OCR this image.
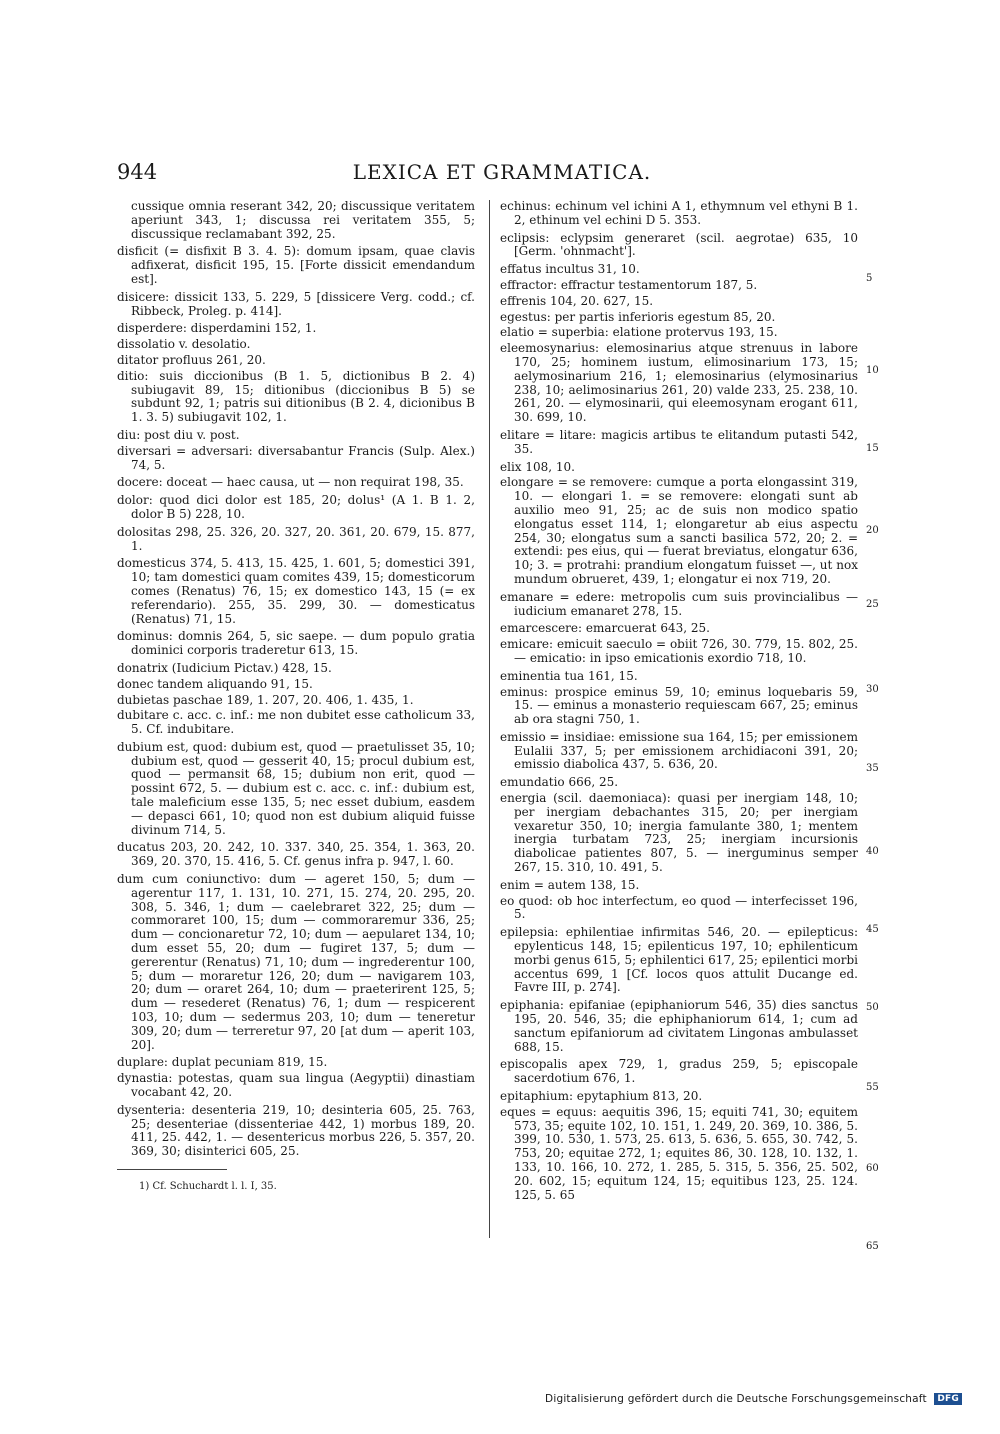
944	LEXICA ET GRAMMATICA.

cussique omnia reserant 342, 20; discussique veritatem aperiunt 343, 1; discussa rei veritatem 355, 5; discussique reclamabant 392, 25.

disficit (= disfixit B 3. 4. 5): domum ipsam, quae clavis adfixerat, disficit 195, 15. [Forte dissicit emendandum est].

disicere: dissicit 133, 5. 229, 5 [dissicere Verg. codd.; cf. Ribbeck, Proleg. p. 414].

disperdere: disperdamini 152, 1.

dissolatio v. desolatio.

ditator profluus 261, 20.

ditio: suis diccionibus (B 1. 5, dictionibus B 2. 4) subiugavit 89, 15; ditionibus (diccionibus B 5) se subdunt 92, 1; patris sui ditionibus (B 2. 4, dicionibus B 1. 3. 5) subiugavit 102, 1.

diu: post diu v. post.

diversari = adversari: diversabantur Francis (Sulp. Alex.) 74, 5.

docere: doceat — haec causa, ut — non requirat 198, 35.

dolor: quod dici dolor est 185, 20; dolus¹ (A 1. B 1. 2, dolor B 5) 228, 10.

dolositas 298, 25. 326, 20. 327, 20. 361, 20. 679, 15. 877, 1.

domesticus 374, 5. 413, 15. 425, 1. 601, 5; domestici 391, 10; tam domestici quam comites 439, 15; domesticorum comes (Renatus) 76, 15; ex domestico 143, 15 (= ex referendario). 255, 35. 299, 30. — domesticatus (Renatus) 71, 15.

dominus: domnis 264, 5, sic saepe. — dum populo gratia dominici corporis traderetur 613, 15.

donatrix (Iudicium Pictav.) 428, 15.

donec tandem aliquando 91, 15.

dubietas paschae 189, 1. 207, 20. 406, 1. 435, 1.

dubitare c. acc. c. inf.: me non dubitet esse catholicum 33, 5. Cf. indubitare.

dubium est, quod: dubium est, quod — praetulisset 35, 10; dubium est, quod — gesserit 40, 15; procul dubium est, quod — permansit 68, 15; dubium non erit, quod — possint 672, 5. — dubium est c. acc. c. inf.: dubium est, tale maleficium esse 135, 5; nec esset dubium, easdem — depasci 661, 10; quod non est dubium aliquid fuisse divinum 714, 5.

ducatus 203, 20. 242, 10. 337. 340, 25. 354, 1. 363, 20. 369, 20. 370, 15. 416, 5. Cf. genus infra p. 947, l. 60.

dum cum coniunctivo: dum — ageret 150, 5; dum — agerentur 117, 1. 131, 10. 271, 15. 274, 20. 295, 20. 308, 5. 346, 1; dum — caelebraret 322, 25; dum — commoraret 100, 15; dum — commoraremur 336, 25; dum — concionaretur 72, 10; dum — aepularet 134, 10; dum esset 55, 20; dum — fugiret 137, 5; dum — gererentur (Renatus) 71, 10; dum — ingrederentur 100, 5; dum — moraretur 126, 20; dum — navigarem 103, 20; dum — oraret 264, 10; dum — praeterirent 125, 5; dum — resederet (Renatus) 76, 1; dum — respicerent 103, 10; dum — sedermus 203, 10; dum — teneretur 309, 20; dum — terreretur 97, 20 [at dum — aperit 103, 20].

duplare: duplat pecuniam 819, 15.

dynastia: potestas, quam sua lingua (Aegyptii) dinastiam vocabant 42, 20.

dysenteria: desenteria 219, 10; desinteria 605, 25. 763, 25; desenteriae (dissenteriae 442, 1) morbus 189, 20. 411, 25. 442, 1. — desentericus morbus 226, 5. 357, 20. 369, 30; disinterici 605, 25.

1) Cf. Schuchardt l. l. I, 35.

echinus: echinum vel ichini A 1, ethymnum vel ethyni B 1. 2, ethinum vel echini D 5. 353.

eclipsis: eclypsim generaret (scil. aegrotae) 635, 10 [Germ. 'ohnmacht'].

effatus incultus 31, 10.

effractor: effractur testamentorum 187, 5.

effrenis 104, 20. 627, 15.

egestus: per partis inferioris egestum 85, 20.

elatio = superbia: elatione protervus 193, 15.

eleemosynarius: elemosinarius atque strenuus in labore 170, 25; hominem iustum, elimosinarium 173, 15; aelymosinarium 216, 1; elemosinarius (elymosinarius 238, 10; aelimosinarius 261, 20) valde 233, 25. 238, 10. 261, 20. — elymosinarii, qui eleemosynam erogant 611, 30. 699, 10.

elitare = litare: magicis artibus te elitandum putasti 542, 35.

elix 108, 10.

elongare = se removere: cumque a porta elongassint 319, 10. — elongari 1. = se removere: elongati sunt ab auxilio meo 91, 25; ac de suis non modico spatio elongatus esset 114, 1; elongaretur ab eius aspectu 254, 30; elongatus sum a sancti basilica 572, 20; 2. = extendi: pes eius, qui — fuerat breviatus, elongatur 636, 10; 3. = protrahi: prandium elongatum fuisset —, ut nox mundum obrueret, 439, 1; elongatur ei nox 719, 20.

emanare = edere: metropolis cum suis provincialibus — iudicium emanaret 278, 15.

emarcescere: emarcuerat 643, 25.

emicare: emicuit saeculo = obiit 726, 30. 779, 15. 802, 25. — emicatio: in ipso emicationis exordio 718, 10.

eminentia tua 161, 15.

eminus: prospice eminus 59, 10; eminus loquebaris 59, 15. — eminus a monasterio requiescam 667, 25; eminus ab ora stagni 750, 1.

emissio = insidiae: emissione sua 164, 15; per emissionem Eulalii 337, 5; per emissionem archidiaconi 391, 20; emissio diabolica 437, 5. 636, 20.

emundatio 666, 25.

energia (scil. daemoniaca): quasi per inergiam 148, 10; per inergiam debachantes 315, 20; per inergiam vexaretur 350, 10; inergia famulante 380, 1; mentem inergia turbatam 723, 25; inergiam incursionis diabolicae patientes 807, 5. — inerguminus semper 267, 15. 310, 10. 491, 5.

enim = autem 138, 15.

eo quod: ob hoc interfectum, eo quod — interfecisset 196, 5.

epilepsia: ephilentiae infirmitas 546, 20. — epilepticus: epylenticus 148, 15; epilenticus 197, 10; ephilenticum morbi genus 615, 5; ephilentici 617, 25; epilentici morbi accentus 699, 1 [Cf. locos quos attulit Ducange ed. Favre III, p. 274].

epiphania: epifaniae (epiphaniorum 546, 35) dies sanctus 195, 20. 546, 35; die ephiphaniorum 614, 1; cum ad sanctum epifaniorum ad civitatem Lingonas ambulasset 688, 15.

episcopalis apex 729, 1, gradus 259, 5; episcopale sacerdotium 676, 1.

epitaphium: epytaphium 813, 20.

eques = equus: aequitis 396, 15; equiti 741, 30; equitem 573, 35; equite 102, 10. 151, 1. 249, 20. 369, 10. 386, 5. 399, 10. 530, 1. 573, 25. 613, 5. 636, 5. 655, 30. 742, 5. 753, 20; equitae 272, 1; equites 86, 30. 128, 10. 132, 1. 133, 10. 166, 10. 272, 1. 285, 5. 315, 5. 356, 25. 502, 20. 602, 15; equitum 124, 15; equitibus 123, 25. 124. 125, 5. 65

5
10
15
20
25
30
35
40
45
50
55
60
65
Digitalisierung gefördert durch die Deutsche Forschungsgemeinschaft DFG
